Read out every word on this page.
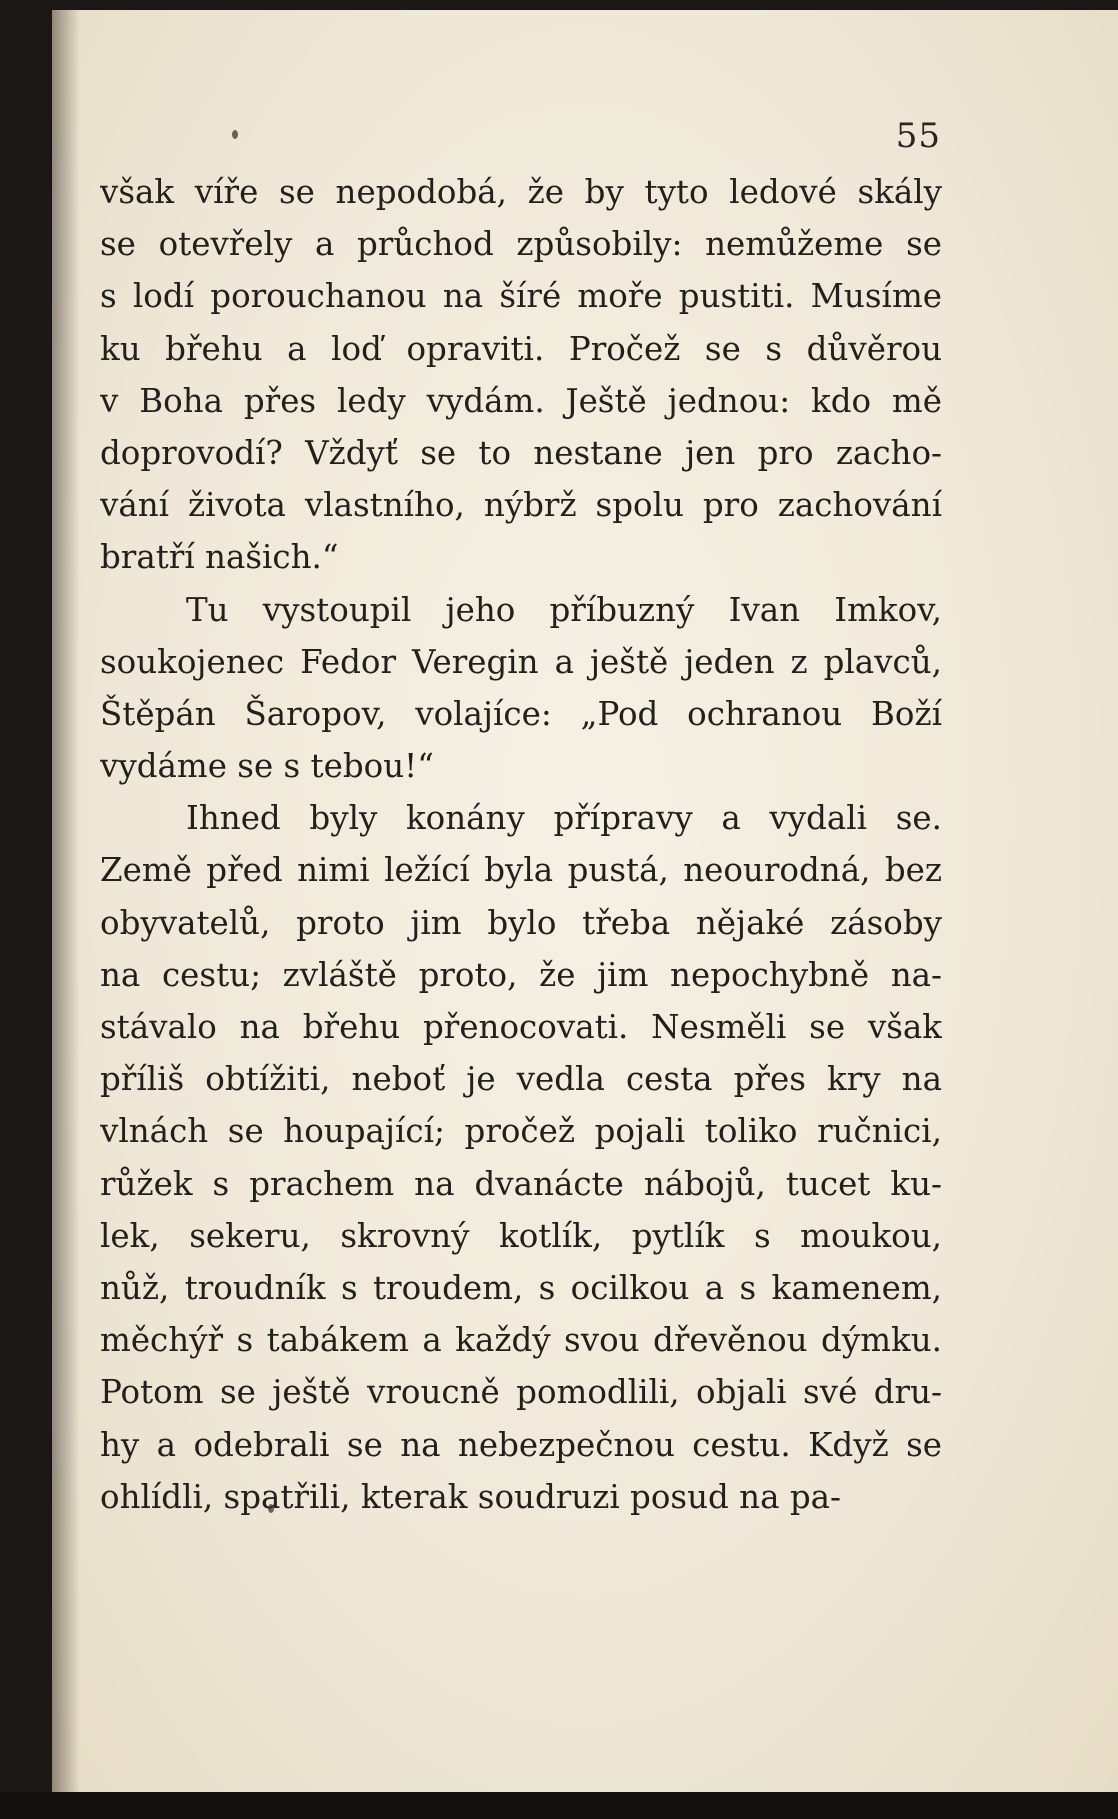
55
však víře se nepodobá, že by tyto ledové skály
se otevřely a průchod způsobily: nemůžeme se
s lodí porouchanou na šíré moře pustiti. Musíme
ku břehu a loď opraviti. Pročež se s důvěrou
v Boha přes ledy vydám. Ještě jednou: kdo mě
doprovodí? Vždyť se to nestane jen pro zacho-
vání života vlastního, nýbrž spolu pro zachování
bratří našich.“
Tu vystoupil jeho příbuzný Ivan Imkov,
soukojenec Fedor Veregin a ještě jeden z plavců,
Štěpán Šaropov, volajíce: „Pod ochranou Boží
vydáme se s tebou!“
Ihned byly konány přípravy a vydali se.
Země před nimi ležící byla pustá, neourodná, bez
obyvatelů, proto jim bylo třeba nějaké zásoby
na cestu; zvláště proto, že jim nepochybně na-
stávalo na břehu přenocovati. Nesměli se však
příliš obtížiti, neboť je vedla cesta přes kry na
vlnách se houpající; pročež pojali toliko ručnici,
růžek s prachem na dvanácte nábojů, tucet ku-
lek, sekeru, skrovný kotlík, pytlík s moukou,
nůž, troudník s troudem, s ocilkou a s kamenem,
měchýř s tabákem a každý svou dřevěnou dýmku.
Potom se ještě vroucně pomodlili, objali své dru-
hy a odebrali se na nebezpečnou cestu. Když se
ohlídli, spatřili, kterak soudruzi posud na pa-
